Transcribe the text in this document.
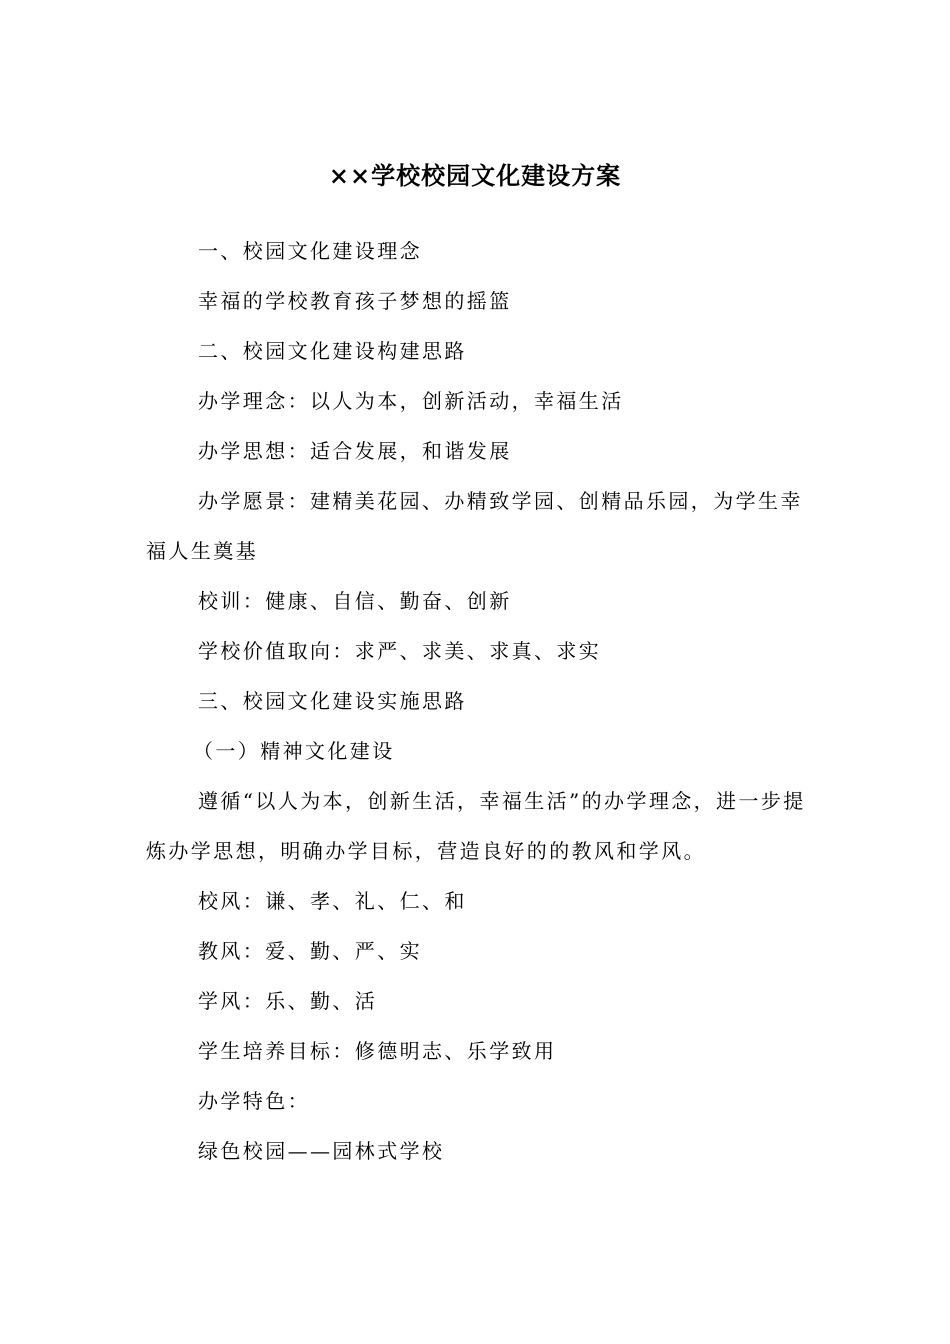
××学校校园文化建设方案

一、校园文化建设理念

幸福的学校教育孩子梦想的摇篮

二、校园文化建设构建思路

办学理念：以人为本，创新活动，幸福生活

办学思想：适合发展，和谐发展

办学愿景：建精美花园、办精致学园、创精品乐园，为学生幸福人生奠基

校训：健康、自信、勤奋、创新

学校价值取向：求严、求美、求真、求实

三、校园文化建设实施思路

（一）精神文化建设

遵循“以人为本，创新生活，幸福生活”的办学理念，进一步提炼办学思想，明确办学目标，营造良好的的教风和学风。

校风：谦、孝、礼、仁、和

教风：爱、勤、严、实

学风：乐、勤、活

学生培养目标：修德明志、乐学致用

办学特色：

绿色校园——园林式学校
